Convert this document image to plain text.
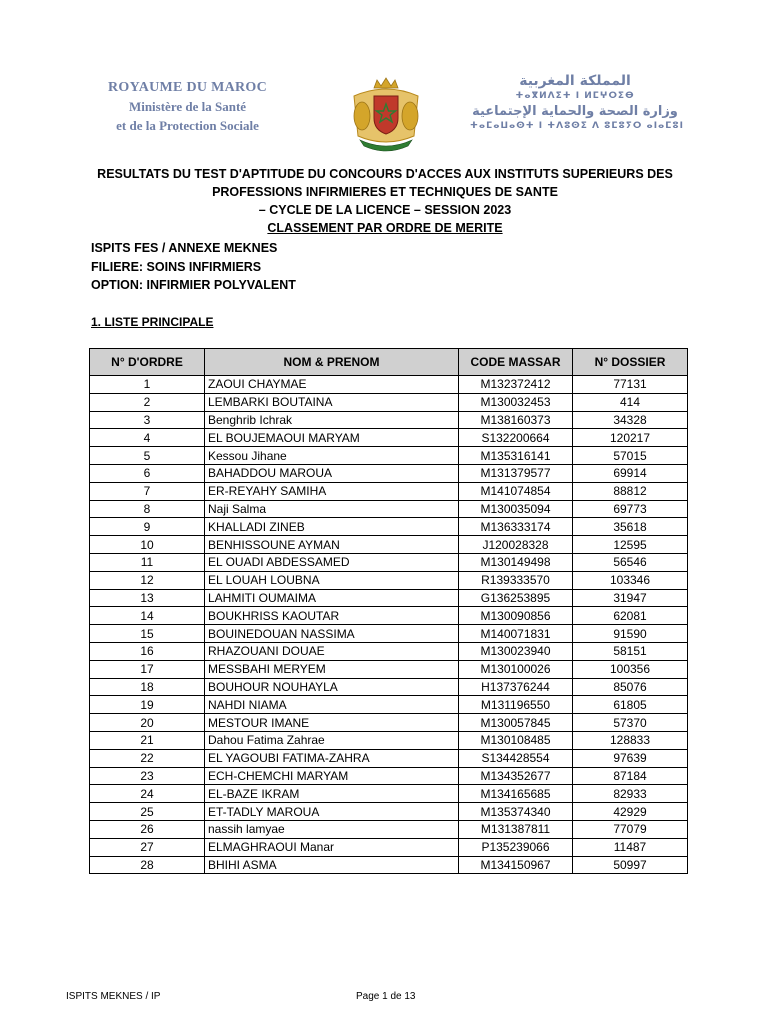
ROYAUME DU MAROC
Ministère de la Santé
et de la Protection Sociale
المملكة المغربية
ⵜⴰⴳⵍⴷⵉⵜ ⵏ ⵍⵎⵖⵔⵉⴱ
وزارة الصحة والحماية الإجتماعية
ⵜⴰⵎⴰⵡⴰⵙⵜ ⵏ ⵜⴷⵓⵙⵉ ⴷ ⵓⵎⵓⵢⵔ ⴰⵏⴰⵎⵓⵏ
RESULTATS DU TEST D'APTITUDE DU CONCOURS D'ACCES AUX INSTITUTS SUPERIEURS DES
PROFESSIONS INFIRMIERES ET TECHNIQUES DE SANTE
– CYCLE DE LA LICENCE – SESSION 2023
CLASSEMENT PAR ORDRE DE MERITE
ISPITS FES / ANNEXE MEKNES
FILIERE: SOINS INFIRMIERS
OPTION: INFIRMIER POLYVALENT
1. LISTE PRINCIPALE
N° D'ORDRE	NOM & PRENOM	CODE MASSAR	N° DOSSIER
1	ZAOUI CHAYMAE	M132372412	77131
2	LEMBARKI BOUTAINA	M130032453	414
3	Benghrib Ichrak	M138160373	34328
4	EL BOUJEMAOUI MARYAM	S132200664	120217
5	Kessou Jihane	M135316141	57015
6	BAHADDOU MAROUA	M131379577	69914
7	ER-REYAHY SAMIHA	M141074854	88812
8	Naji Salma	M130035094	69773
9	KHALLADI ZINEB	M136333174	35618
10	BENHISSOUNE AYMAN	J120028328	12595
11	EL OUADI ABDESSAMED	M130149498	56546
12	EL LOUAH LOUBNA	R139333570	103346
13	LAHMITI OUMAIMA	G136253895	31947
14	BOUKHRISS KAOUTAR	M130090856	62081
15	BOUINEDOUAN NASSIMA	M140071831	91590
16	RHAZOUANI DOUAE	M130023940	58151
17	MESSBAHI MERYEM	M130100026	100356
18	BOUHOUR NOUHAYLA	H137376244	85076
19	NAHDI NIAMA	M131196550	61805
20	MESTOUR IMANE	M130057845	57370
21	Dahou Fatima Zahrae	M130108485	128833
22	EL YAGOUBI FATIMA-ZAHRA	S134428554	97639
23	ECH-CHEMCHI MARYAM	M134352677	87184
24	EL-BAZE IKRAM	M134165685	82933
25	ET-TADLY MAROUA	M135374340	42929
26	nassih lamyae	M131387811	77079
27	ELMAGHRAOUI Manar	P135239066	11487
28	BHIHI ASMA	M134150967	50997
ISPITS MEKNES / IP	Page 1 de 13
